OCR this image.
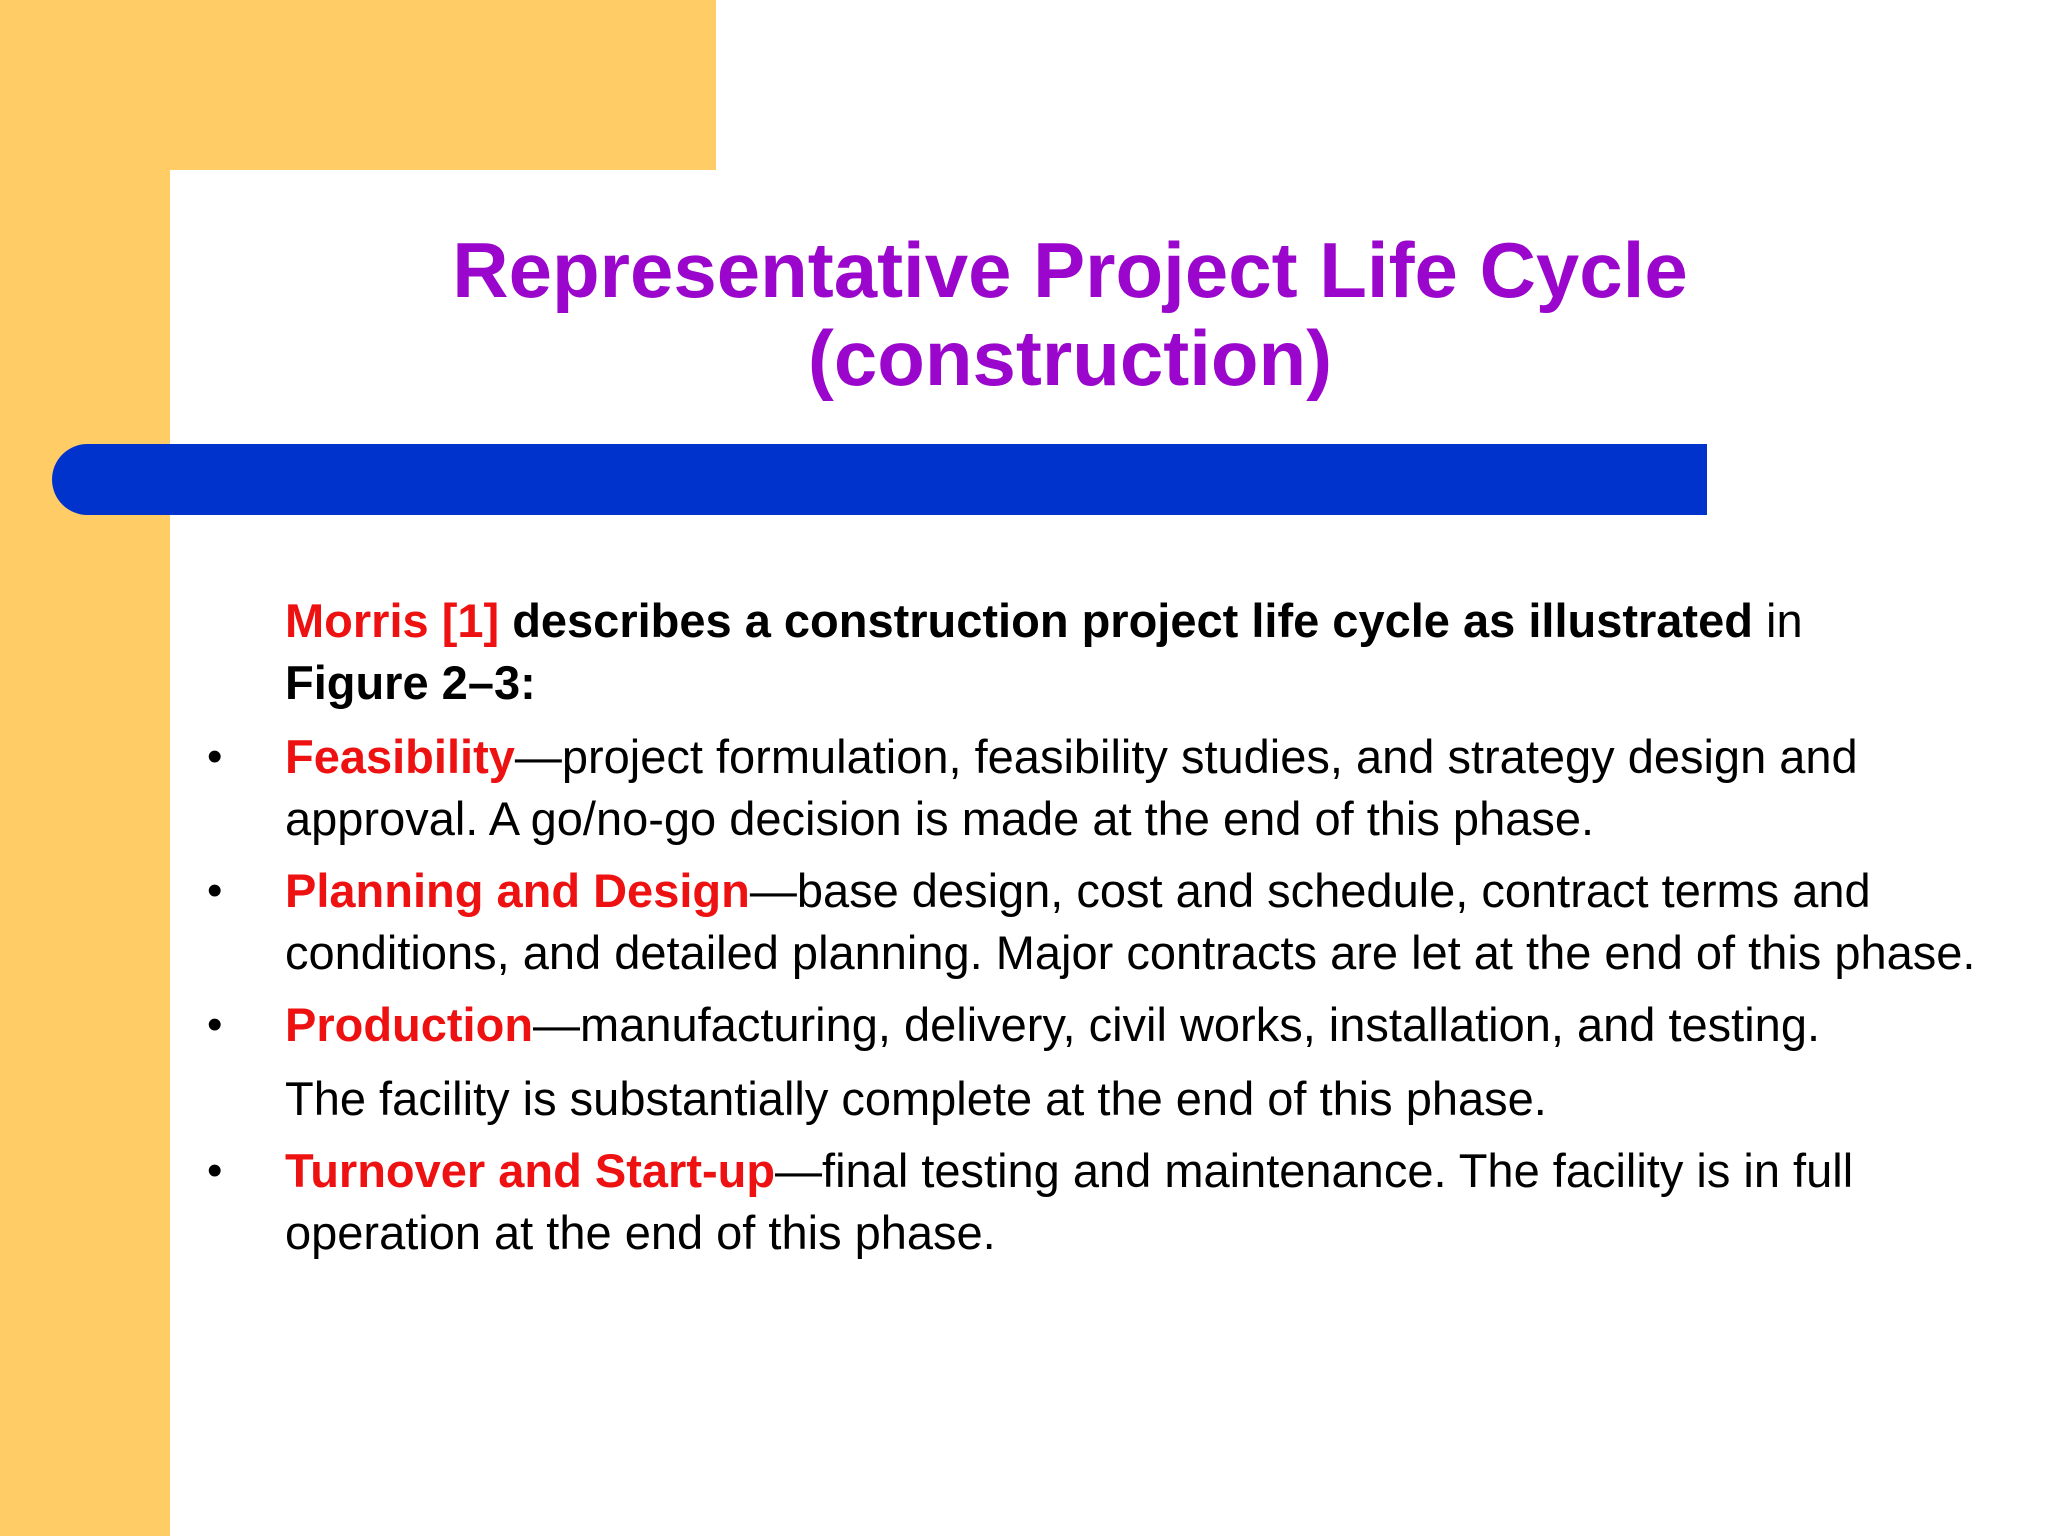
Representative Project Life Cycle
(construction)

Morris [1] describes a construction project life cycle as illustrated in
Figure 2–3:

• Feasibility—project formulation, feasibility studies, and strategy design and approval. A go/no-go decision is made at the end of this phase.
• Planning and Design—base design, cost and schedule, contract terms and conditions, and detailed planning. Major contracts are let at the end of this phase.
• Production—manufacturing, delivery, civil works, installation, and testing.
The facility is substantially complete at the end of this phase.
• Turnover and Start-up—final testing and maintenance. The facility is in full operation at the end of this phase.
